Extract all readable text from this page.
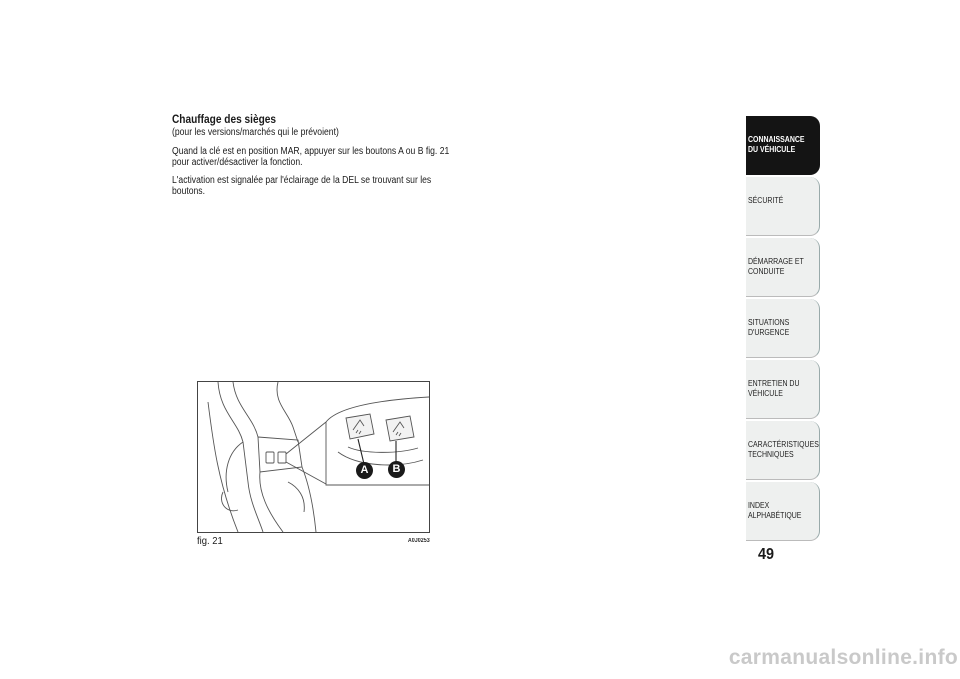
Chauffage des sièges
(pour les versions/marchés qui le prévoient)
Quand la clé est en position MAR, appuyer sur les boutons A ou B fig. 21 pour activer/désactiver la fonction.
L'activation est signalée par l'éclairage de la DEL se trouvant sur les boutons.
A	B
fig. 21	A0J0253
CONNAISSANCE
DU VÉHICULE
SÉCURITÉ
DÉMARRAGE ET
CONDUITE
SITUATIONS
D'URGENCE
ENTRETIEN DU
VÉHICULE
CARACTÉRISTIQUES
TECHNIQUES
INDEX
ALPHABÉTIQUE
49
carmanualsonline.info
